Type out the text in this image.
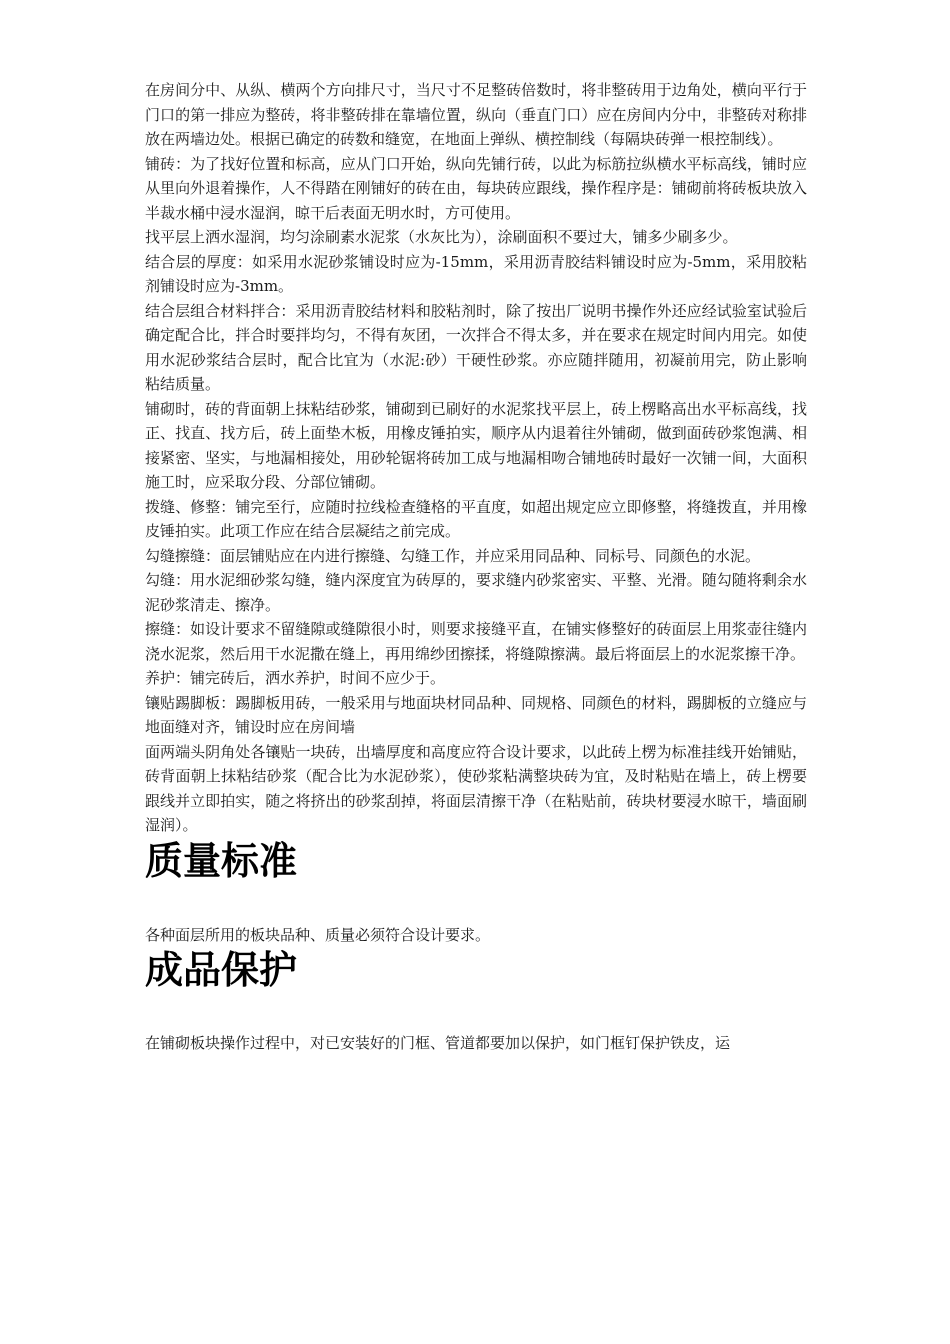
在房间分中、从纵、横两个方向排尺寸，当尺寸不足整砖倍数时，将非整砖用于边角处，横向平行于门口的第一排应为整砖，将非整砖排在靠墙位置，纵向（垂直门口）应在房间内分中，非整砖对称排放在两墙边处。根据已确定的砖数和缝宽，在地面上弹纵、横控制线（每隔块砖弹一根控制线）。

铺砖：为了找好位置和标高，应从门口开始，纵向先铺行砖，以此为标筋拉纵横水平标高线，铺时应从里向外退着操作，人不得踏在刚铺好的砖在由，每块砖应跟线，操作程序是：铺砌前将砖板块放入半裁水桶中浸水湿润，晾干后表面无明水时，方可使用。

找平层上洒水湿润，均匀涂刷素水泥浆（水灰比为），涂刷面积不要过大，铺多少刷多少。

结合层的厚度：如采用水泥砂浆铺设时应为-15mm，采用沥青胶结料铺设时应为-5mm，采用胶粘剂铺设时应为-3mm。

结合层组合材料拌合：采用沥青胶结材料和胶粘剂时，除了按出厂说明书操作外还应经试验室试验后确定配合比，拌合时要拌均匀，不得有灰团，一次拌合不得太多，并在要求在规定时间内用完。如使用水泥砂浆结合层时，配合比宜为（水泥:砂）干硬性砂浆。亦应随拌随用，初凝前用完，防止影响粘结质量。

铺砌时，砖的背面朝上抹粘结砂浆，铺砌到已刷好的水泥浆找平层上，砖上楞略高出水平标高线，找正、找直、找方后，砖上面垫木板，用橡皮锤拍实，顺序从内退着往外铺砌，做到面砖砂浆饱满、相接紧密、坚实，与地漏相接处，用砂轮锯将砖加工成与地漏相吻合铺地砖时最好一次铺一间，大面积施工时，应采取分段、分部位铺砌。

拨缝、修整：铺完至行，应随时拉线检查缝格的平直度，如超出规定应立即修整，将缝拨直，并用橡皮锤拍实。此项工作应在结合层凝结之前完成。

勾缝擦缝：面层铺贴应在内进行擦缝、勾缝工作，并应采用同品种、同标号、同颜色的水泥。

勾缝：用水泥细砂浆勾缝，缝内深度宜为砖厚的，要求缝内砂浆密实、平整、光滑。随勾随将剩余水泥砂浆清走、擦净。

擦缝：如设计要求不留缝隙或缝隙很小时，则要求接缝平直，在铺实修整好的砖面层上用浆壶往缝内浇水泥浆，然后用干水泥撒在缝上，再用绵纱团擦揉，将缝隙擦满。最后将面层上的水泥浆擦干净。

养护：铺完砖后，洒水养护，时间不应少于。

镶贴踢脚板：踢脚板用砖，一般采用与地面块材同品种、同规格、同颜色的材料，踢脚板的立缝应与地面缝对齐，铺设时应在房间墙

面两端头阴角处各镶贴一块砖，出墙厚度和高度应符合设计要求，以此砖上楞为标准挂线开始铺贴，砖背面朝上抹粘结砂浆（配合比为水泥砂浆），使砂浆粘满整块砖为宜，及时粘贴在墙上，砖上楞要跟线并立即拍实，随之将挤出的砂浆刮掉，将面层清擦干净（在粘贴前，砖块材要浸水晾干，墙面刷湿润）。

质量标准

各种面层所用的板块品种、质量必须符合设计要求。

成品保护

在铺砌板块操作过程中，对已安装好的门框、管道都要加以保护，如门框钉保护铁皮，运
